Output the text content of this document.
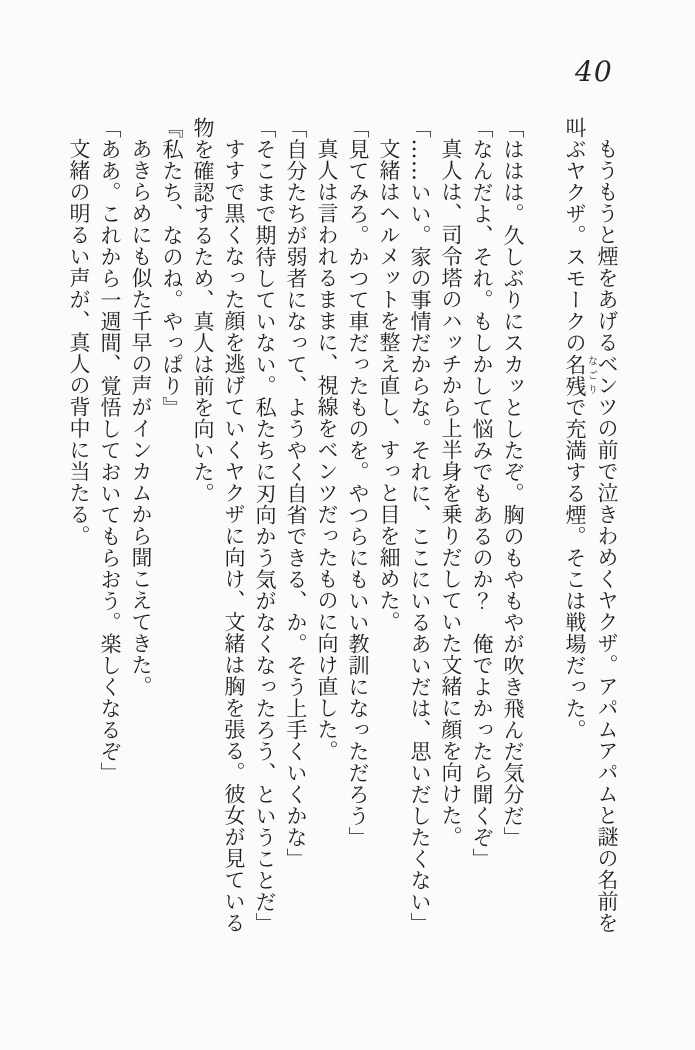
40

もうもうと煙をあげるベンツの前で泣きわめくヤクザ。アパムアパムと謎の名前を叫ぶヤクザ。スモークの名残なごりで充満する煙。そこは戦場だった。

「ははは。久しぶりにスカッとしたぞ。胸のもやもやが吹き飛んだ気分だ」

「なんだよ、それ。もしかして悩みでもあるのか？　俺でよかったら聞くぞ」

真人は、司令塔のハッチから上半身を乗りだしていた文緒に顔を向けた。

「……いい。家の事情だからな。それに、ここにいるあいだは、思いだしたくない」

文緒はヘルメットを整え直し、すっと目を細めた。

「見てみろ。かつて車だったものを。やつらにもいい教訓になっただろう」

真人は言われるままに、視線をベンツだったものに向け直した。

「自分たちが弱者になって、ようやく自省できる、か。そう上手くいくかな」

「そこまで期待していない。私たちに刃向かう気がなくなったろう、ということだ」

すすで黒くなった顔を逃げていくヤクザに向け、文緒は胸を張る。彼女が見ている物を確認するため、真人は前を向いた。

『私たち、なのね。やっぱり』

あきらめにも似た千早の声がインカムから聞こえてきた。

「ああ。これから一週間、覚悟しておいてもらおう。楽しくなるぞ」

文緒の明るい声が、真人の背中に当たる。
